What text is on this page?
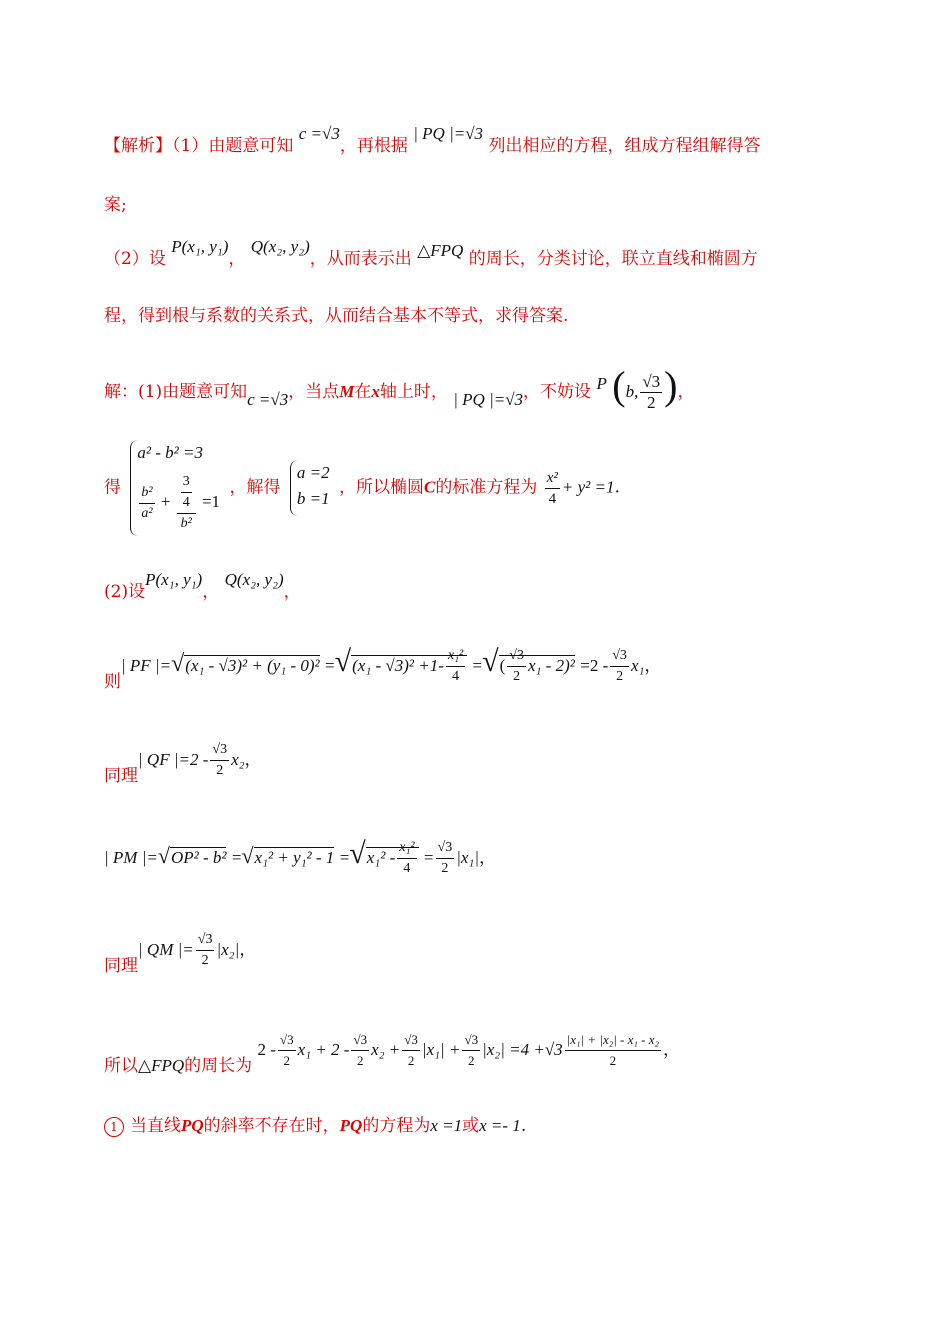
【解析】（1）由题意可知 c =√3，再根据 | PQ |=√3 列出相应的方程，组成方程组解得答
案;
（2）设 P(x₁, y₁)， Q(x₂, y₂)，从而表示出 △FPQ 的周长，分类讨论，联立直线和椭圆方
程，得到根与系数的关系式，从而结合基本不等式，求得答案.
解：(1)由题意可知c =√3，当点M在x轴上时， | PQ |=√3，不妨设 P (b, $\frac{√3}{2}$ )，
得
a² - b² =3
$\frac{\text{b²}}{\text{a²}} + \frac{\frac{3}{4}}{\text{b²}} =1$
，解得
a =2
b =1
，所以椭圆C的标准方程为 $\frac{\text{x²}}{4} + y^2 =1$.
(2)设P(x₁, y₁)， Q(x₂, y₂)，
则| PF $|=√(x_1 - √3)^2 + (y_1 - 0)^2 =√(x_1 - √3)^2 +1- \frac{\text{x₁²}}{4}$ =√( $\frac{√3}{2} x_1 - 2)^2 =2 - \frac{√3}{2} x_1$，
同理| QF $|=2 - \frac{√3}{2} x_2$，
| PM $|=√OP^2 - b^2 =√x_1^2 + y_1^2 - 1 =√x_1^2 - \frac{\text{x₁²}}{4} = \frac{√3}{2} |x_1|$，
同理| QM |= $\frac{√3}{2} |x_2|$，
所以△FPQ的周长为 $2 - \frac{√3}{2} x_1 + 2 - \frac{√3}{2} x_2 + \frac{√3}{2} |x_1| + \frac{√3}{2} |x_2| =4 +√3 \frac{\text{|x₁| + |x₂| - x₁ - x₂}}{2}$ ，
1 当直线PQ的斜率不存在时，PQ的方程为x =1或x =- 1.
